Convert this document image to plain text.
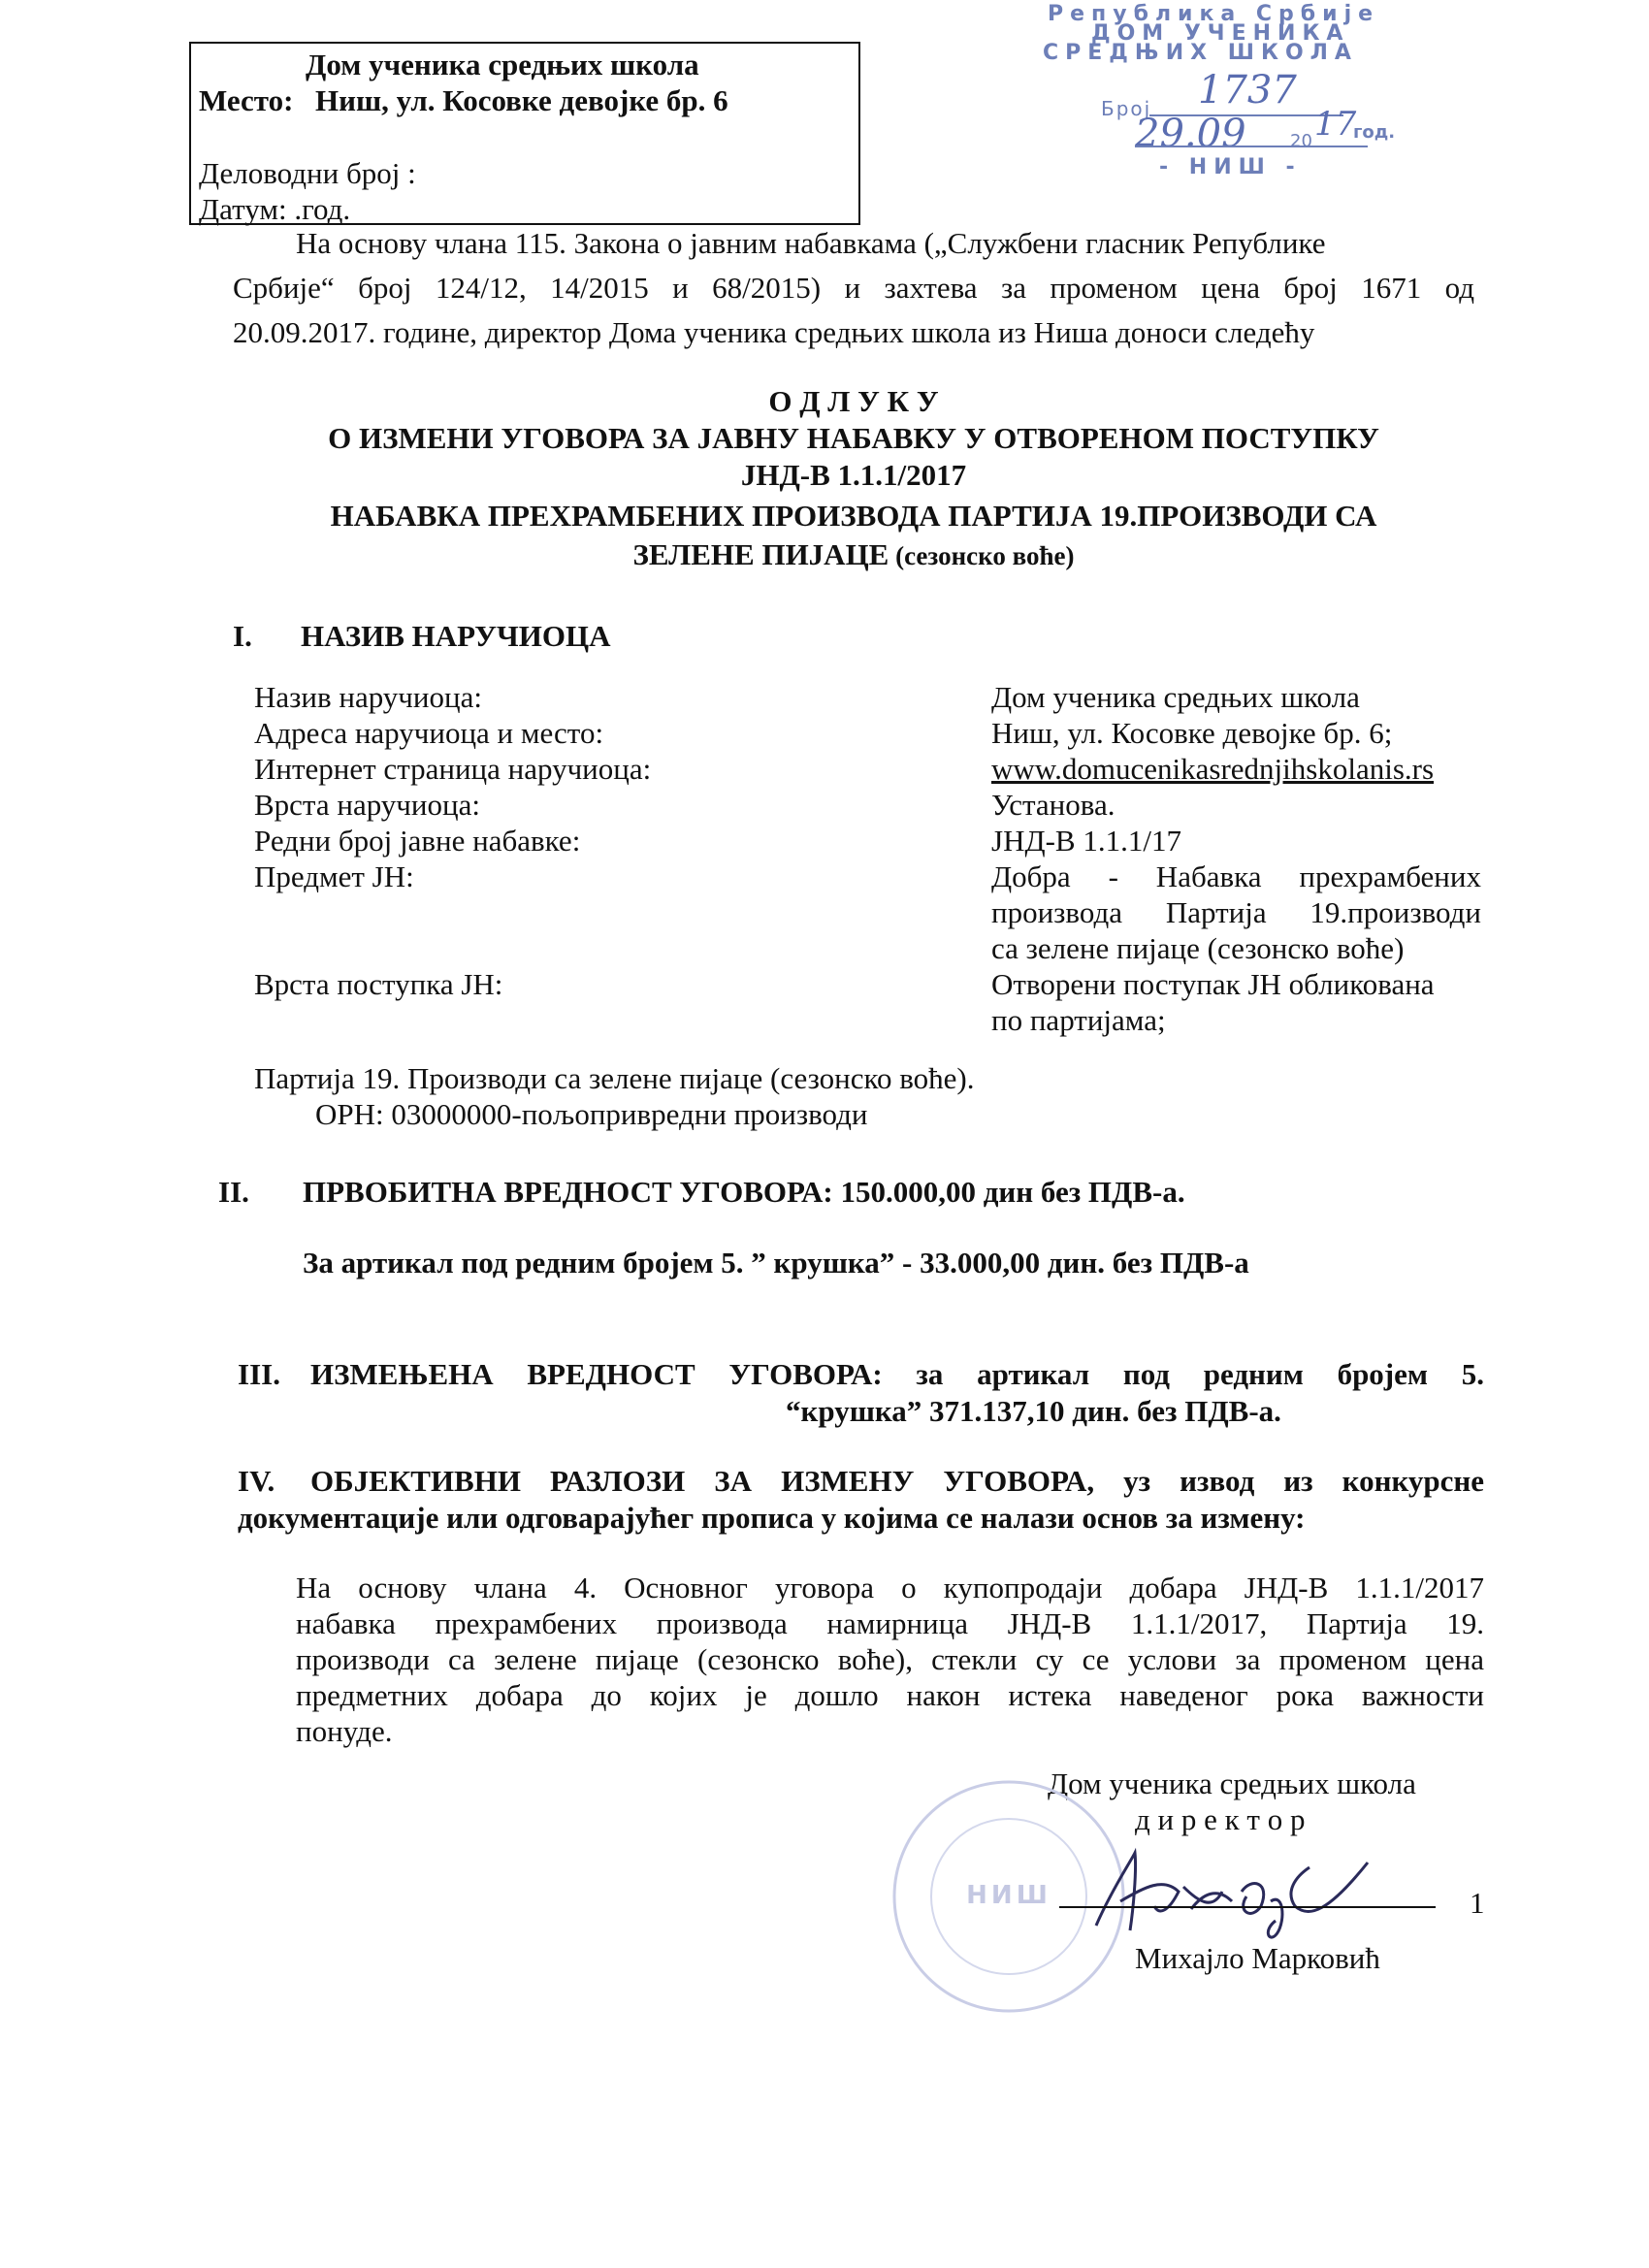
Дом ученика средњих школа
Место: Ниш, ул. Косовке девојке бр. 6
Деловодни број :
Датум: .год.
Република Србије
ДОМ УЧЕНИКА
СРЕДЊИХ ШКОЛА
Број 1737
29.09	20 17
год.
- НИШ -
На основу члана 115. Закона о јавним набавкама („Службени гласник Републике
Србије“ број 124/12, 14/2015 и 68/2015) и захтева за променом цена број 1671 од
20.09.2017. године, директор Дома ученика средњих школа из Ниша доноси следећу
О Д Л У К У
О ИЗМЕНИ УГОВОРА ЗА ЈАВНУ НАБАВКУ У ОТВОРЕНОМ ПОСТУПКУ
ЈНД-В 1.1.1/2017
НАБАВКА ПРЕХРАМБЕНИХ ПРОИЗВОДА ПАРТИЈА 19.ПРОИЗВОДИ СА
ЗЕЛЕНЕ ПИЈАЦЕ (сезонско воће)
I. НАЗИВ НАРУЧИОЦА
Назив наручиоца:	Дом ученика средњих школа
Адреса наручиоца и место:	Ниш, ул. Косовке девојке бр. 6;
Интернет страница наручиоца:	www.domucenikasrednjihskolanis.rs
Врста наручиоца:	Установа.
Редни број јавне набавке:	ЈНД-В 1.1.1/17
Предмет ЈН:	Добра - Набавка прехрамбених
производа Партија 19.производи
са зелене пијаце (сезонско воће)
Врста поступка ЈН:	Отворени поступак ЈН обликована
по партијама;
Партија 19. Производи са зелене пијаце (сезонско воће).
ОРН: 03000000-пољопривредни производи
II. ПРВОБИТНА ВРЕДНОСТ УГОВОРА: 150.000,00 дин без ПДВ-а.
За артикал под редним бројем 5. ” крушка” - 33.000,00 дин. без ПДВ-а
III. ИЗМЕЊЕНА ВРЕДНОСТ УГОВОРА: за артикал под редним бројем 5.
“крушка” 371.137,10 дин. без ПДВ-а.
IV. ОБЈЕКТИВНИ РАЗЛОЗИ ЗА ИЗМЕНУ УГОВОРА, уз извод из конкурсне
документације или одговарајућег прописа у којима се налази основ за измену:
На основу члана 4. Основног уговора о купопродаји добара ЈНД-В 1.1.1/2017
набавка прехрамбених производа намирница ЈНД-В 1.1.1/2017, Партија 19.
производи са зелене пијаце (сезонско воће), стекли су се услови за променом цена
предметних добара до којих је дошло након истека наведеног рока важности
понуде.
Дом ученика средњих школа
д и р е к т о р
НИШ	1
Михајло Марковић
